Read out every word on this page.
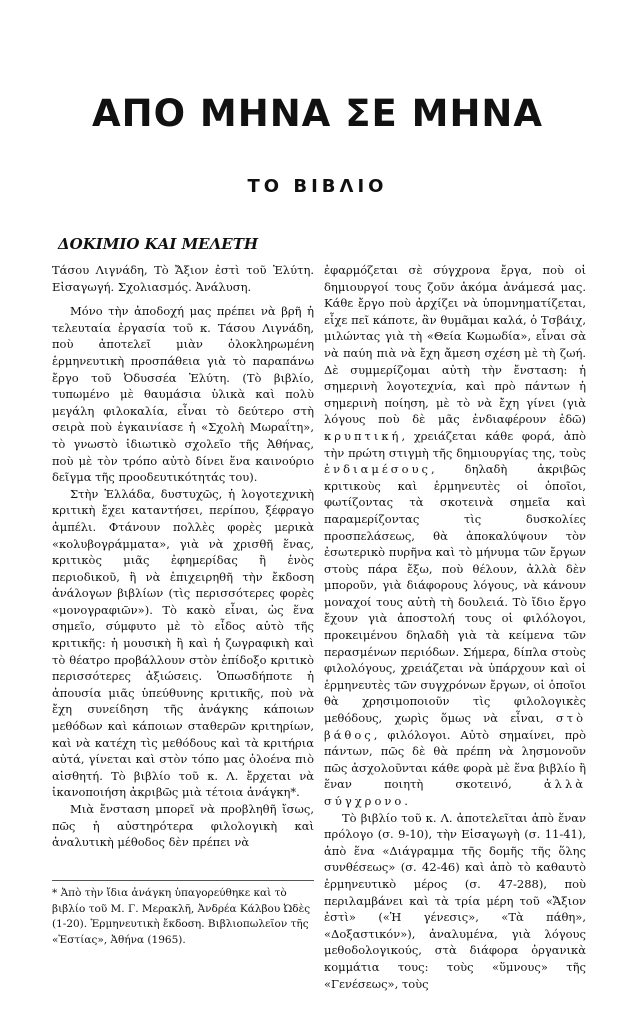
ΑΠΟ ΜΗΝΑ ΣΕ ΜΗΝΑ
ΤΟ ΒΙΒΛΙΟ
ΔΟΚΙΜΙΟ ΚΑΙ ΜΕΛΕΤΗ

Τάσου Λιγνάδη, Τὸ Ἄξιον ἐστὶ τοῦ Ἐλύτη. Εἰσαγωγή. Σχολιασμός. Ἀνάλυση.

Μόνο τὴν ἀποδοχή μας πρέπει νὰ βρῆ ἡ τελευταία ἐργασία τοῦ κ. Τάσου Λιγνάδη, ποὺ ἀποτελεῖ μιὰν ὁλοκληρωμένη ἑρμηνευτικὴ προσπάθεια γιὰ τὸ παραπάνω ἔργο τοῦ Ὀδυσσέα Ἐλύτη. (Τὸ βιβλίο, τυπωμένο μὲ θαυμάσια ὑλικὰ καὶ πολὺ μεγάλη φιλοκαλία, εἶναι τὸ δεύτερο στὴ σειρὰ ποὺ ἐγκαινίασε ἡ «Σχολὴ Μωραΐτη», τὸ γνωστὸ ἰδιωτικὸ σχολεῖο τῆς Ἀθήνας, ποὺ μὲ τὸν τρόπο αὐτὸ δίνει ἕνα καινούριο δεῖγμα τῆς προοδευτικότητάς του).

Στὴν Ἑλλάδα, δυστυχῶς, ἡ λογοτεχνικὴ κριτικὴ ἔχει καταντήσει, περίπου, ξέφραγο ἀμπέλι. Φτάνουν πολλὲς φορὲς μερικὰ «κολυβογράμματα», γιὰ νὰ χρισθῆ ἕνας, κριτικὸς μιᾶς ἐφημερίδας ἢ ἑνὸς περιοδικοῦ, ἢ νὰ ἐπιχειρηθῆ τὴν ἔκδοση ἀνάλογων βιβλίων (τὶς περισσότερες φορὲς «μονογραφιῶν»). Τὸ κακὸ εἶναι, ὡς ἕνα σημεῖο, σύμφυτο μὲ τὸ εἶδος αὐτὸ τῆς κριτικῆς: ἡ μουσικὴ ἢ καὶ ἡ ζωγραφικὴ καὶ τὸ θέατρο προβάλλουν στὸν ἐπίδοξο κριτικὸ περισσότερες ἀξιώσεις. Ὁπωσδήποτε ἡ ἀπουσία μιᾶς ὑπεύθυνης κριτικῆς, ποὺ νὰ ἔχη συνείδηση τῆς ἀνάγκης κάποιων μεθόδων καὶ κάποιων σταθερῶν κριτηρίων, καὶ νὰ κατέχη τὶς μεθόδους καὶ τὰ κριτήρια αὐτά, γίνεται καὶ στὸν τόπο μας ὁλοένα πιὸ αἰσθητή. Τὸ βιβλίο τοῦ κ. Λ. ἔρχεται νὰ ἱκανοποιήση ἀκριβῶς μιὰ τέτοια ἀνάγκη*.

Μιὰ ἔνσταση μπορεῖ νὰ προβληθῆ ἴσως, πῶς ἡ αὐστηρότερα φιλολογικὴ καὶ ἀναλυτικὴ μέθοδος δὲν πρέπει νὰ

* Ἀπὸ τὴν ἴδια ἀνάγκη ὑπαγορεύθηκε καὶ τὸ βιβλίο τοῦ Μ. Γ. Μερακλῆ, Ἀνδρέα Κάλβου Ὠδὲς (1-20). Ἑρμηνευτικὴ ἔκδοση. Βιβλιοπωλεῖον τῆς «Ἑστίας», Ἀθήνα (1965).

ἐφαρμόζεται σὲ σύγχρονα ἔργα, ποὺ οἱ δημιουργοί τους ζοῦν ἀκόμα ἀνάμεσά μας. Κάθε ἔργο ποὺ ἀρχίζει νὰ ὑπομνηματίζεται, εἶχε πεῖ κάποτε, ἂν θυμᾶμαι καλά, ὁ Τσβάιχ, μιλώντας γιὰ τὴ «Θεία Κωμωδία», εἶναι σὰ νὰ παύη πιὰ νὰ ἔχη ἄμεση σχέση μὲ τὴ ζωή. Δὲ συμμερίζομαι αὐτὴ τὴν ἔνσταση: ἡ σημερινὴ λογοτεχνία, καὶ πρὸ πάντων ἡ σημερινὴ ποίηση, μὲ τὸ νὰ ἔχη γίνει (γιὰ λόγους ποὺ δὲ μᾶς ἐνδιαφέρουν ἐδῶ) κρυπτική, χρειάζεται κάθε φορά, ἀπὸ τὴν πρώτη στιγμὴ τῆς δημιουργίας της, τοὺς ἐνδιαμέσους, δηλαδὴ ἀκριβῶς κριτικοὺς καὶ ἑρμηνευτὲς οἱ ὁποῖοι, φωτίζοντας τὰ σκοτεινὰ σημεῖα καὶ παραμερίζοντας τὶς δυσκολίες προσπελάσεως, θὰ ἀποκαλύψουν τὸν ἐσωτερικὸ πυρῆνα καὶ τὸ μήνυμα τῶν ἔργων στοὺς πάρα ἔξω, ποὺ θέλουν, ἀλλὰ δὲν μποροῦν, γιὰ διάφορους λόγους, νὰ κάνουν μοναχοί τους αὐτὴ τὴ δουλειά. Τὸ ἴδιο ἔργο ἔχουν γιὰ ἀποστολή τους οἱ φιλόλογοι, προκειμένου δηλαδὴ γιὰ τὰ κείμενα τῶν περασμένων περιόδων. Σήμερα, δίπλα στοὺς φιλολόγους, χρειάζεται νὰ ὑπάρχουν καὶ οἱ ἑρμηνευτὲς τῶν συγχρόνων ἔργων, οἱ ὁποῖοι θὰ χρησιμοποιοῦν τὶς φιλολογικὲς μεθόδους, χωρὶς ὅμως νὰ εἶναι, στὸ βάθος, φιλόλογοι. Αὐτὸ σημαίνει, πρὸ πάντων, πῶς δὲ θὰ πρέπη νὰ λησμονοῦν πῶς ἀσχολοῦνται κάθε φορὰ μὲ ἕνα βιβλίο ἢ ἕναν ποιητὴ σκοτεινό,	ἀλλὰ σύγχρονο.

Τὸ βιβλίο τοῦ κ. Λ. ἀποτελεῖται ἀπὸ ἕναν πρόλογο (σ. 9-10), τὴν Εἰσαγωγὴ (σ. 11-41), ἀπὸ ἕνα «Διάγραμμα τῆς δομῆς τῆς ὅλης συνθέσεως» (σ. 42-46) καὶ ἀπὸ τὸ καθαυτὸ ἑρμηνευτικὸ μέρος (σ. 47-288), ποὺ περιλαμβάνει καὶ τὰ τρία μέρη τοῦ «Ἄξιον ἐστὶ» («Ἡ γένεσις», «Τὰ πάθη», «Δοξαστικόν»), ἀναλυμένα, γιὰ λόγους μεθοδολογικούς, στὰ διάφορα ὀργανικὰ κομμάτια τους: τοὺς «ὕμνους» τῆς «Γενέσεως», τοὺς
